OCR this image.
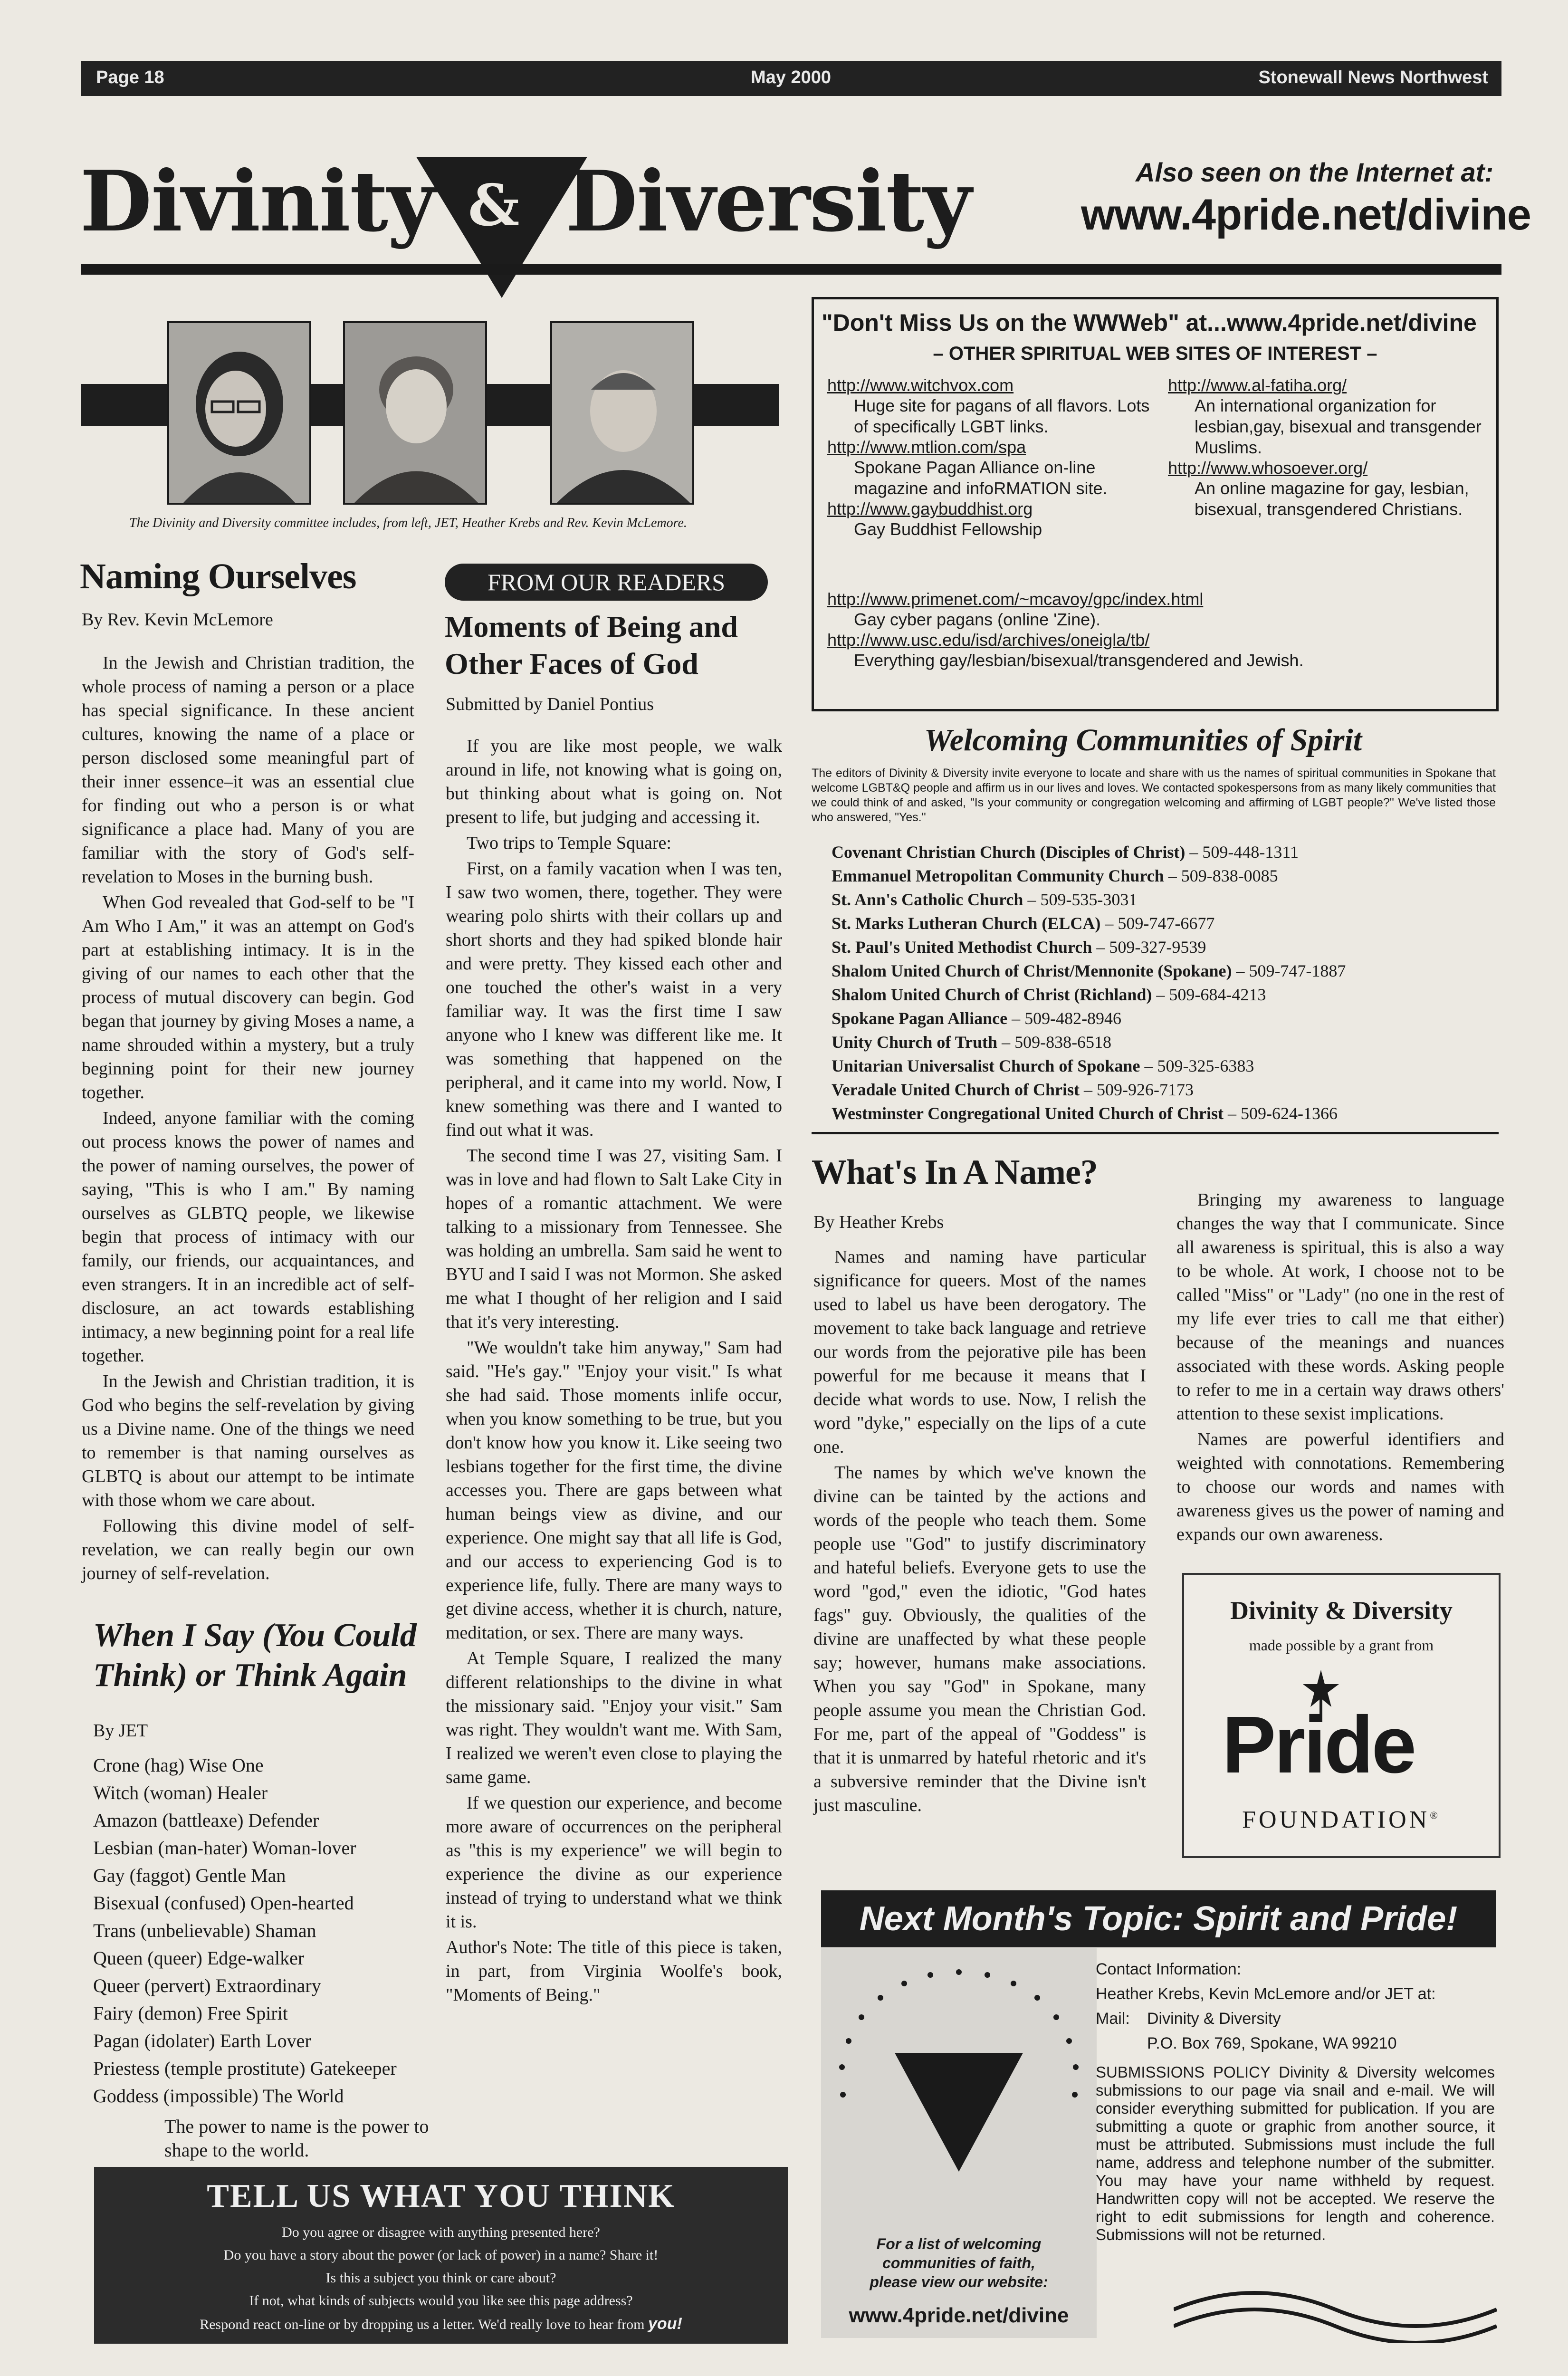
Page 18	May 2000	Stonewall News Northwest
Divinity & Diversity	Also seen on the Internet at:
www.4pride.net/divine
The Divinity and Diversity committee includes, from left, JET, Heather Krebs and Rev. Kevin McLemore.
Naming Ourselves
By Rev. Kevin McLemore

In the Jewish and Christian tradition, the whole process of naming a person or a place has special significance. In these ancient cultures, knowing the name of a place or person disclosed some meaningful part of their inner essence–it was an essential clue for finding out who a person is or what significance a place had. Many of you are familiar with the story of God's self-revelation to Moses in the burning bush.

When God revealed that God-self to be "I Am Who I Am," it was an attempt on God's part at establishing intimacy. It is in the giving of our names to each other that the process of mutual discovery can begin. God began that journey by giving Moses a name, a name shrouded within a mystery, but a truly beginning point for their new journey together.

Indeed, anyone familiar with the coming out process knows the power of names and the power of naming ourselves, the power of saying, "This is who I am." By naming ourselves as GLBTQ people, we likewise begin that process of intimacy with our family, our friends, our acquaintances, and even strangers. It in an incredible act of self-disclosure, an act towards establishing intimacy, a new beginning point for a real life together.

In the Jewish and Christian tradition, it is God who begins the self-revelation by giving us a Divine name. One of the things we need to remember is that naming ourselves as GLBTQ is about our attempt to be intimate with those whom we care about.

Following this divine model of self-revelation, we can really begin our own journey of self-revelation.

When I Say (You Could
Think) or Think Again
By JET
Crone (hag) Wise One
Witch (woman) Healer
Amazon (battleaxe) Defender
Lesbian (man-hater) Woman-lover
Gay (faggot) Gentle Man
Bisexual (confused) Open-hearted
Trans (unbelievable) Shaman
Queen (queer) Edge-walker
Queer (pervert) Extraordinary
Fairy (demon) Free Spirit
Pagan (idolater) Earth Lover
Priestess (temple prostitute) Gatekeeper
Goddess (impossible) The World
The power to name is the power to shape to the world.
FROM OUR READERS
Moments of Being and
Other Faces of God
Submitted by Daniel Pontius

If you are like most people, we walk around in life, not knowing what is going on, but thinking about what is going on. Not present to life, but judging and accessing it.

Two trips to Temple Square:

First, on a family vacation when I was ten, I saw two women, there, together. They were wearing polo shirts with their collars up and short shorts and they had spiked blonde hair and were pretty. They kissed each other and one touched the other's waist in a very familiar way. It was the first time I saw anyone who I knew was different like me. It was something that happened on the peripheral, and it came into my world. Now, I knew something was there and I wanted to find out what it was.

The second time I was 27, visiting Sam. I was in love and had flown to Salt Lake City in hopes of a romantic attachment. We were talking to a missionary from Tennessee. She was holding an umbrella. Sam said he went to BYU and I said I was not Mormon. She asked me what I thought of her religion and I said that it's very interesting.

"We wouldn't take him anyway," Sam had said. "He's gay." "Enjoy your visit." Is what she had said. Those moments inlife occur, when you know something to be true, but you don't know how you know it. Like seeing two lesbians together for the first time, the divine accesses you. There are gaps between what human beings view as divine, and our experience. One might say that all life is God, and our access to experiencing God is to experience life, fully. There are many ways to get divine access, whether it is church, nature, meditation, or sex. There are many ways.

At Temple Square, I realized the many different relationships to the divine in what the missionary said. "Enjoy your visit." Sam was right. They wouldn't want me. With Sam, I realized we weren't even close to playing the same game.

If we question our experience, and become more aware of occurrences on the peripheral as "this is my experience" we will begin to experience the divine as our experience instead of trying to understand what we think it is.

Author's Note: The title of this piece is taken, in part, from Virginia Woolfe's book, "Moments of Being."

"Don't Miss Us on the WWWeb" at...www.4pride.net/divine
– OTHER SPIRITUAL WEB SITES OF INTEREST –
http://www.witchvox.com
Huge site for pagans of all flavors. Lots of specifically LGBT links.
http://www.mtlion.com/spa
Spokane Pagan Alliance on-line magazine and infoRMATION site.
http://www.gaybuddhist.org
Gay Buddhist Fellowship
http://www.al-fatiha.org/
An international organization for lesbian,gay, bisexual and transgender Muslims.
http://www.whosoever.org/
An online magazine for gay, lesbian, bisexual, transgendered Christians.
http://www.primenet.com/~mcavoy/gpc/index.html
Gay cyber pagans (online 'Zine).
http://www.usc.edu/isd/archives/oneigla/tb/
Everything gay/lesbian/bisexual/transgendered and Jewish.
Welcoming Communities of Spirit
The editors of Divinity & Diversity invite everyone to locate and share with us the names of spiritual communities in Spokane that welcome LGBT&Q people and affirm us in our lives and loves. We contacted spokespersons from as many likely communities that we could think of and asked, "Is your community or congregation welcoming and affirming of LGBT people?" We've listed those who answered, "Yes."
Covenant Christian Church (Disciples of Christ) – 509-448-1311
Emmanuel Metropolitan Community Church – 509-838-0085
St. Ann's Catholic Church – 509-535-3031
St. Marks Lutheran Church (ELCA) – 509-747-6677
St. Paul's United Methodist Church – 509-327-9539
Shalom United Church of Christ/Mennonite (Spokane) – 509-747-1887
Shalom United Church of Christ (Richland) – 509-684-4213
Spokane Pagan Alliance – 509-482-8946
Unity Church of Truth – 509-838-6518
Unitarian Universalist Church of Spokane – 509-325-6383
Veradale United Church of Christ – 509-926-7173
Westminster Congregational United Church of Christ – 509-624-1366
What's In A Name?
By Heather Krebs

Names and naming have particular significance for queers. Most of the names used to label us have been derogatory. The movement to take back language and retrieve our words from the pejorative pile has been powerful for me because it means that I decide what words to use. Now, I relish the word "dyke," especially on the lips of a cute one.

The names by which we've known the divine can be tainted by the actions and words of the people who teach them. Some people use "God" to justify discriminatory and hateful beliefs. Everyone gets to use the word "god," even the idiotic, "God hates fags" guy. Obviously, the qualities of the divine are unaffected by what these people say; however, humans make associations. When you say "God" in Spokane, many people assume you mean the Christian God. For me, part of the appeal of "Goddess" is that it is unmarred by hateful rhetoric and it's a subversive reminder that the Divine isn't just masculine.

Bringing my awareness to language changes the way that I communicate. Since all awareness is spiritual, this is also a way to be whole. At work, I choose not to be called "Miss" or "Lady" (no one in the rest of my life ever tries to call me that either) because of the meanings and nuances associated with these words. Asking people to refer to me in a certain way draws others' attention to these sexist implications.

Names are powerful identifiers and weighted with connotations. Remembering to choose our words and names with awareness gives us the power of naming and expands our own awareness.

Divinity & Diversity
made possible by a grant from
Pride
FOUNDATION®
Next Month's Topic: Spirit and Pride!
For a list of welcoming
communities of faith,
please view our website:
www.4pride.net/divine
Contact Information:
Heather Krebs, Kevin McLemore and/or JET at:
Mail: Divinity & Diversity
P.O. Box 769, Spokane, WA 99210
SUBMISSIONS POLICY Divinity & Diversity welcomes submissions to our page via snail and e-mail. We will consider everything submitted for publication. If you are submitting a quote or graphic from another source, it must be attributed. Submissions must include the full name, address and telephone number of the submitter. You may have your name withheld by request. Handwritten copy will not be accepted. We reserve the right to edit submissions for length and coherence. Submissions will not be returned.
TELL US WHAT YOU THINK
Do you agree or disagree with anything presented here?
Do you have a story about the power (or lack of power) in a name? Share it!
Is this a subject you think or care about?
If not, what kinds of subjects would you like see this page address?
Respond react on-line or by dropping us a letter. We'd really love to hear from you!
